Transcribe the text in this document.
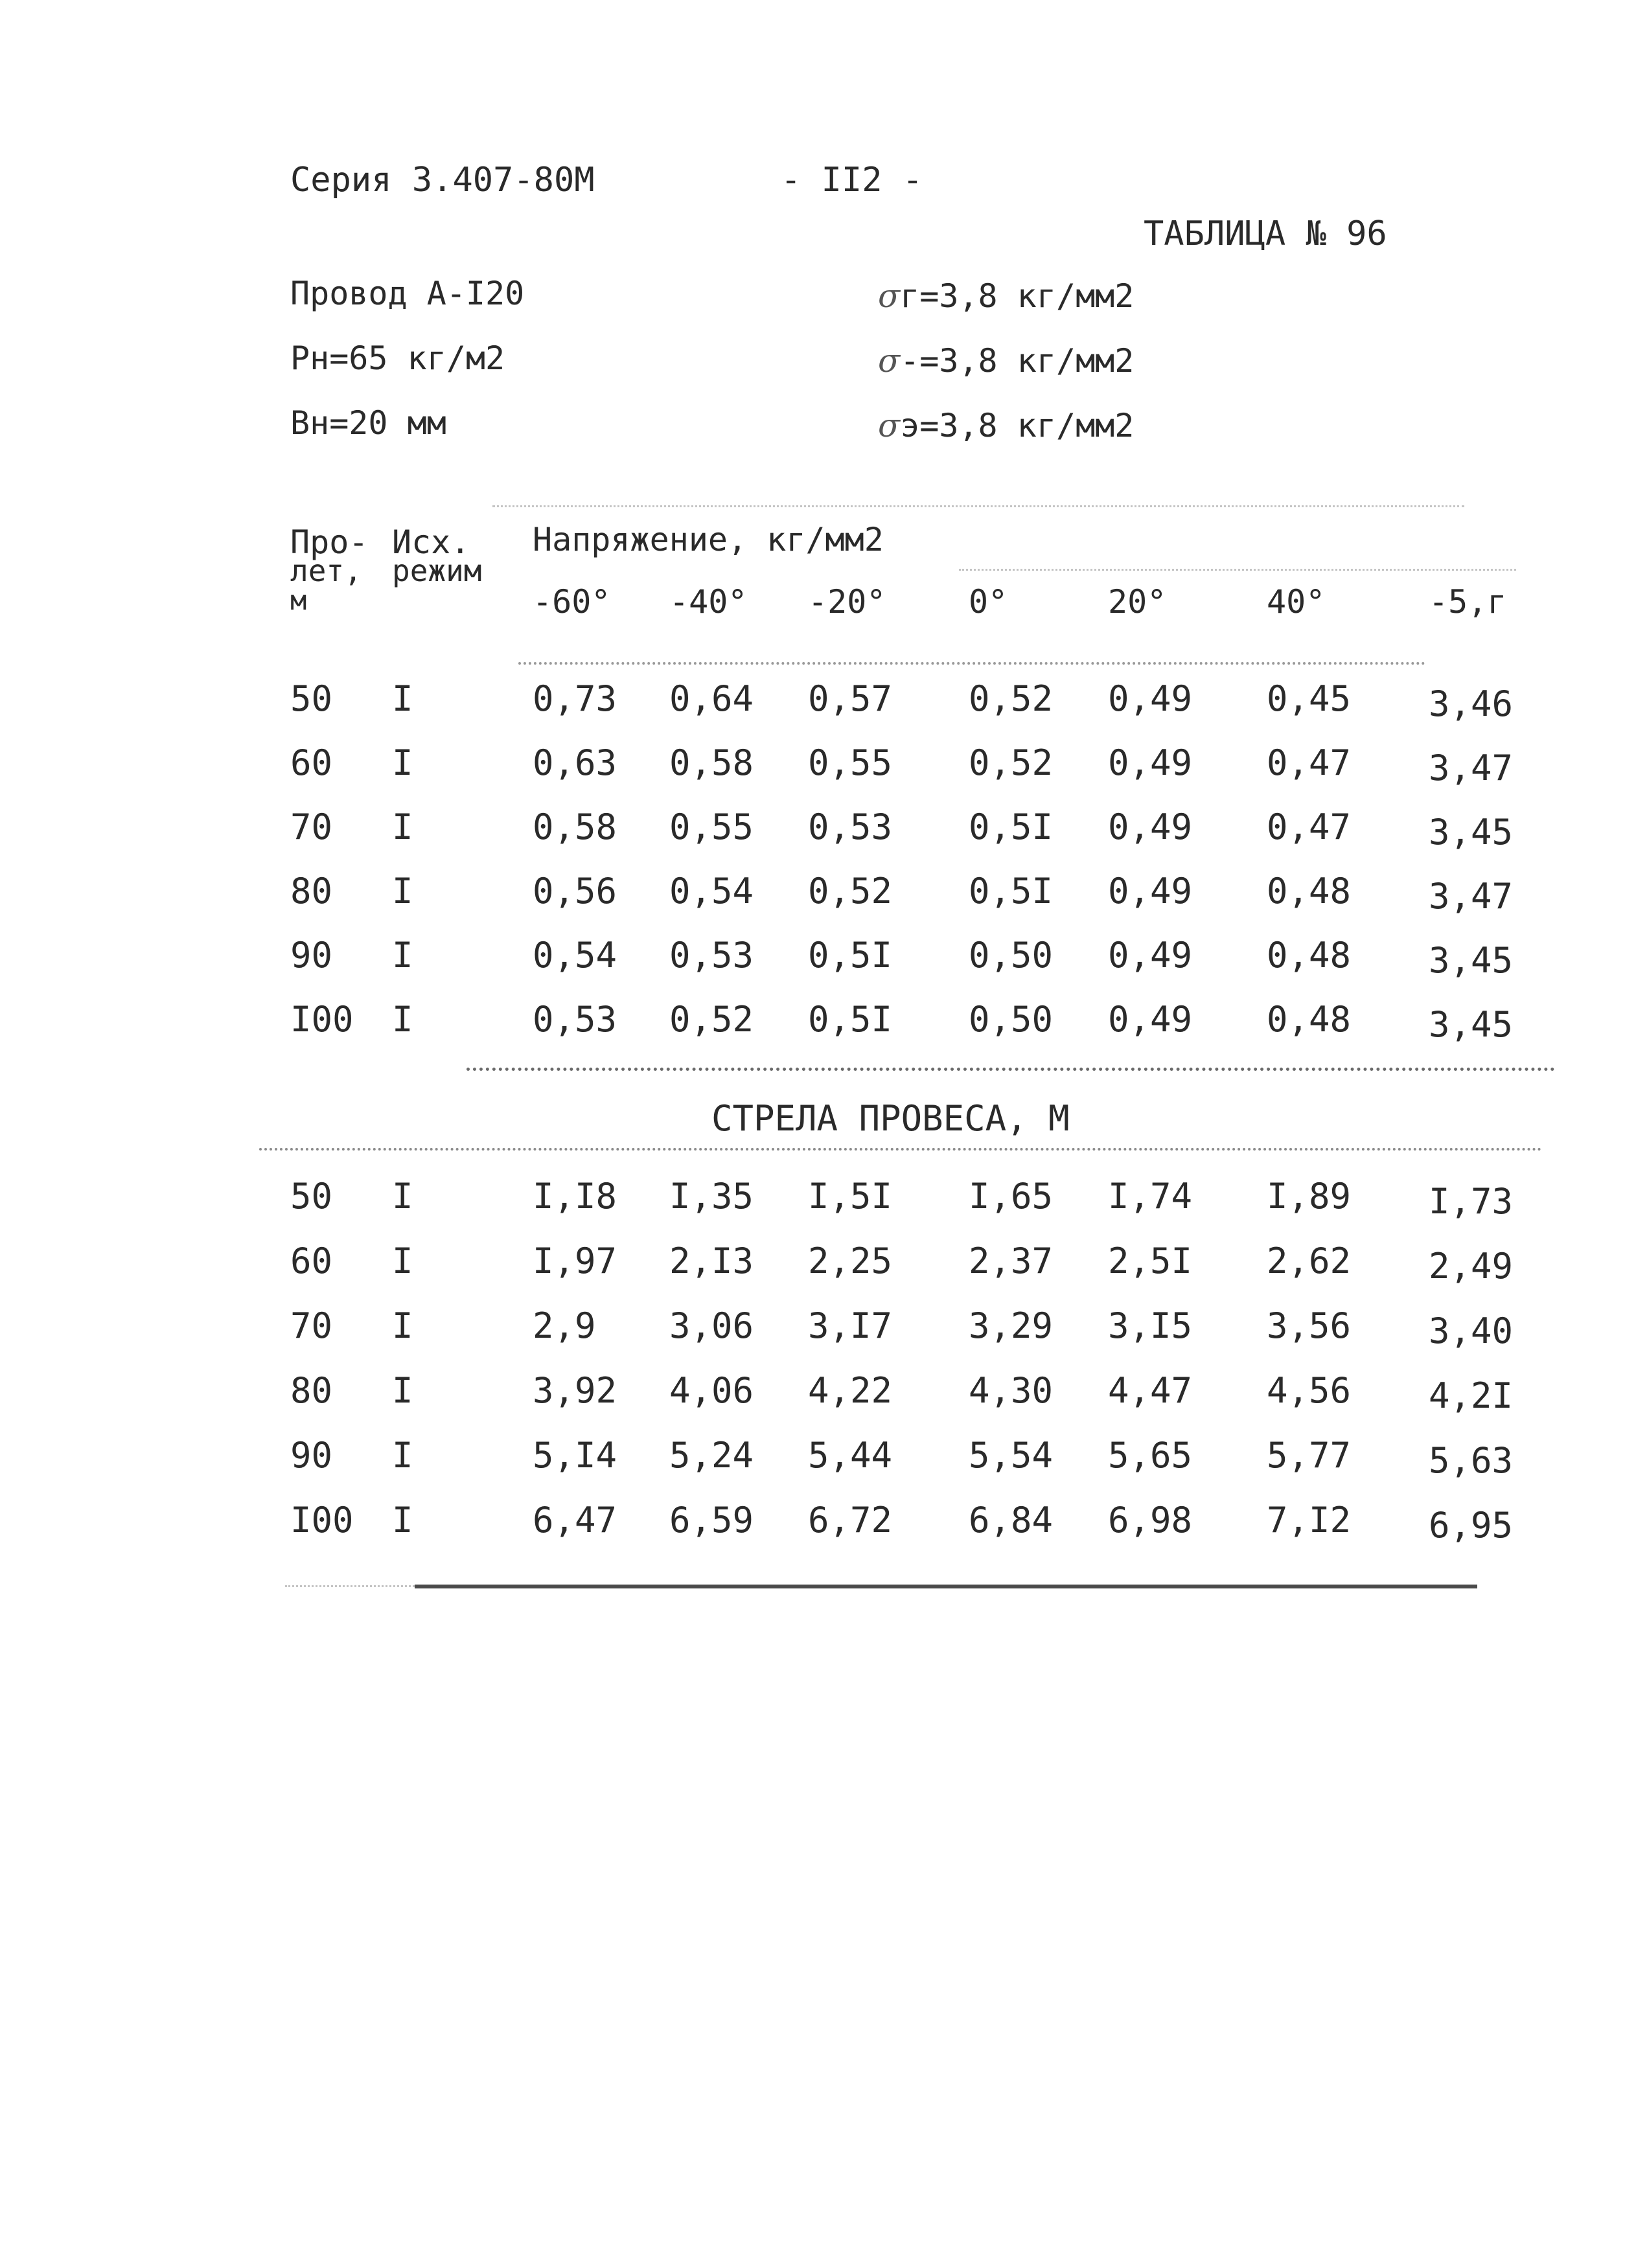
Серия 3.407-80М	- II2 -
ТАБЛИЦА № 96
Провод А-I20
Рн=65 кг/м2
Вн=20 мм
σг=3,8 кг/мм2
σ-=3,8 кг/мм2
σэ=3,8 кг/мм2
Про-
лет,
м
Исх.
режим
Напряжение, кг/мм2
-60° -40° -20°	0°	20°	40°	-5,г
50 I	0,73 0,64 0,57 0,52 0,49 0,45 3,46
60 I	0,63 0,58 0,55 0,52 0,49 0,47 3,47
70 I	0,58 0,55 0,53 0,5I 0,49 0,47 3,45
80 I	0,56 0,54 0,52 0,5I 0,49 0,48 3,47
90 I	0,54 0,53 0,5I 0,50 0,49 0,48 3,45
I00 I	0,53 0,52 0,5I 0,50 0,49 0,48 3,45
СТРЕЛА ПРОВЕСА, М
50 I	I,I8 I,35 I,5I I,65 I,74 I,89 I,73
60 I	I,97 2,I3 2,25 2,37 2,5I 2,62 2,49
70 I	2,9 3,06 3,I7 3,29 3,I5 3,56 3,40
80 I	3,92 4,06 4,22 4,30 4,47 4,56 4,2I
90 I	5,I4 5,24 5,44 5,54 5,65 5,77 5,63
I00 I	6,47 6,59 6,72 6,84 6,98 7,I2 6,95
